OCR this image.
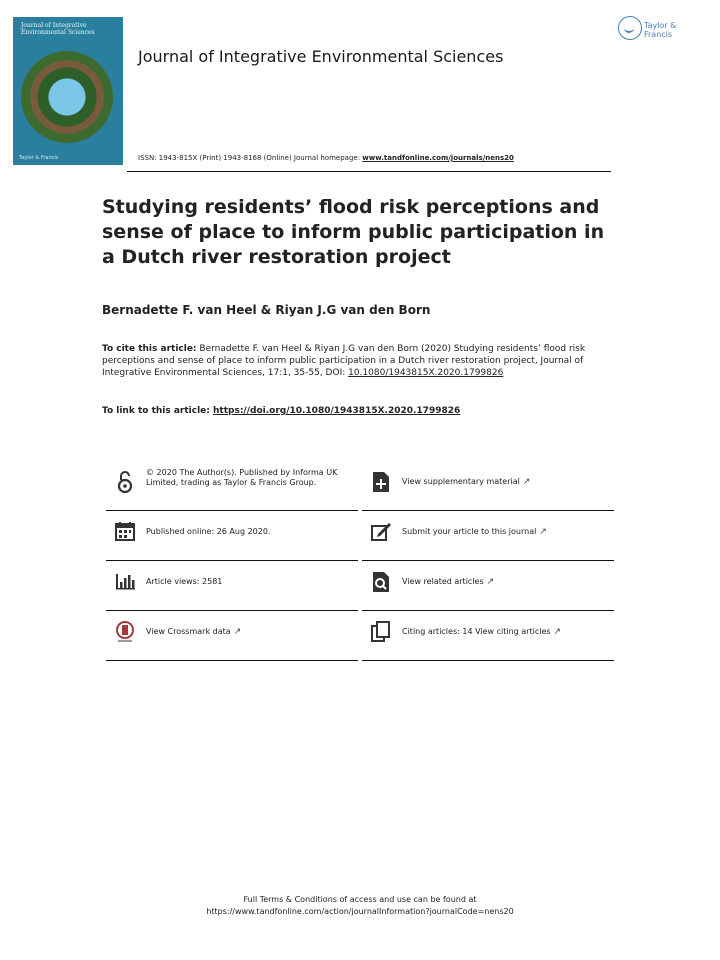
Journal of Integrative
Environmental Sciences
Taylor & Francis
Taylor & Francis
Journal of Integrative Environmental Sciences
ISSN: 1943-815X (Print) 1943-8168 (Online) Journal homepage: www.tandfonline.com/journals/nens20
Studying residents’ flood risk perceptions and sense of place to inform public participation in a Dutch river restoration project
Bernadette F. van Heel & Riyan J.G van den Born
To cite this article: Bernadette F. van Heel & Riyan J.G van den Born (2020) Studying residents’ flood risk perceptions and sense of place to inform public participation in a Dutch river restoration project, Journal of Integrative Environmental Sciences, 17:1, 35-55, DOI: 10.1080/1943815X.2020.1799826
To link to this article: https://doi.org/10.1080/1943815X.2020.1799826
© 2020 The Author(s). Published by Informa UK Limited, trading as Taylor & Francis Group.
Published online: 26 Aug 2020.
Article views: 2581
View Crossmark data ↗
View supplementary material ↗
Submit your article to this journal ↗
View related articles ↗
Citing articles: 14 View citing articles ↗
Full Terms & Conditions of access and use can be found at
https://www.tandfonline.com/action/journalInformation?journalCode=nens20
